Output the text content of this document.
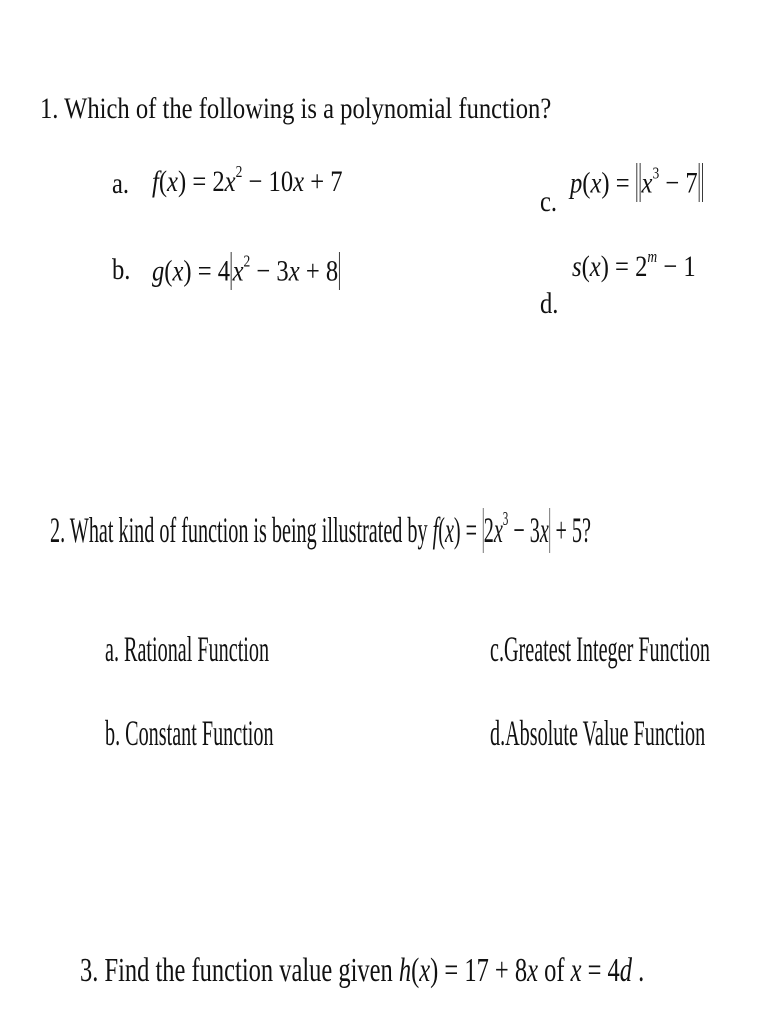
1. Which of the following is a polynomial function?
a. $f(x) = 2x^2 - 10x + 7$
b. $g(x) = 4x^2 - 3x + 8$
c.
$p(x) = x^3 - 7$
d.
$s(x) = 2^m - 1$
2. What kind of function is being illustrated by $f(x) = 2x^3 - 3x + 5$?
a. Rational Function
b. Constant Function
c.Greatest Integer Function
d.Absolute Value Function
3. Find the function value given h(x) = 17 + 8x of x = 4d .
